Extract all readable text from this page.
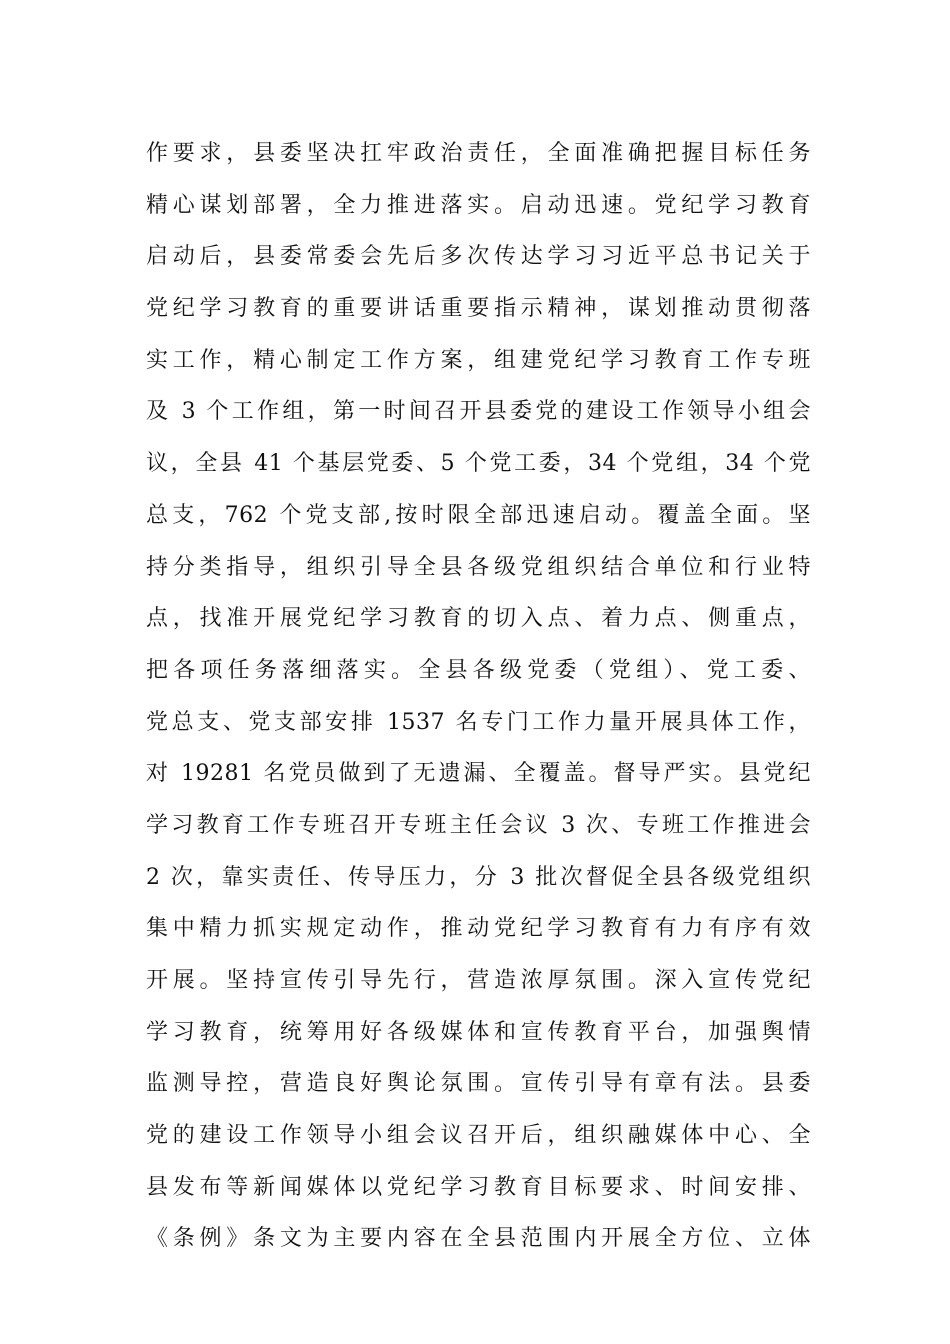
作要求，县委坚决扛牢政治责任，全面准确把握目标任务
精心谋划部署，全力推进落实。启动迅速。党纪学习教育
启动后，县委常委会先后多次传达学习习近平总书记关于
党纪学习教育的重要讲话重要指示精神，谋划推动贯彻落
实工作，精心制定工作方案，组建党纪学习教育工作专班
及 3 个工作组，第一时间召开县委党的建设工作领导小组会
议，全县 41 个基层党委、5 个党工委，34 个党组，34 个党
总支，762 个党支部,按时限全部迅速启动。覆盖全面。坚
持分类指导，组织引导全县各级党组织结合单位和行业特
点，找准开展党纪学习教育的切入点、着力点、侧重点，
把各项任务落细落实。全县各级党委（党组）、党工委、
党总支、党支部安排 1537 名专门工作力量开展具体工作，
对 19281 名党员做到了无遗漏、全覆盖。督导严实。县党纪
学习教育工作专班召开专班主任会议 3 次、专班工作推进会
2 次，靠实责任、传导压力，分 3 批次督促全县各级党组织
集中精力抓实规定动作，推动党纪学习教育有力有序有效
开展。坚持宣传引导先行，营造浓厚氛围。深入宣传党纪
学习教育，统筹用好各级媒体和宣传教育平台，加强舆情
监测导控，营造良好舆论氛围。宣传引导有章有法。县委
党的建设工作领导小组会议召开后，组织融媒体中心、全
县发布等新闻媒体以党纪学习教育目标要求、时间安排、
《条例》条文为主要内容在全县范围内开展全方位、立体
